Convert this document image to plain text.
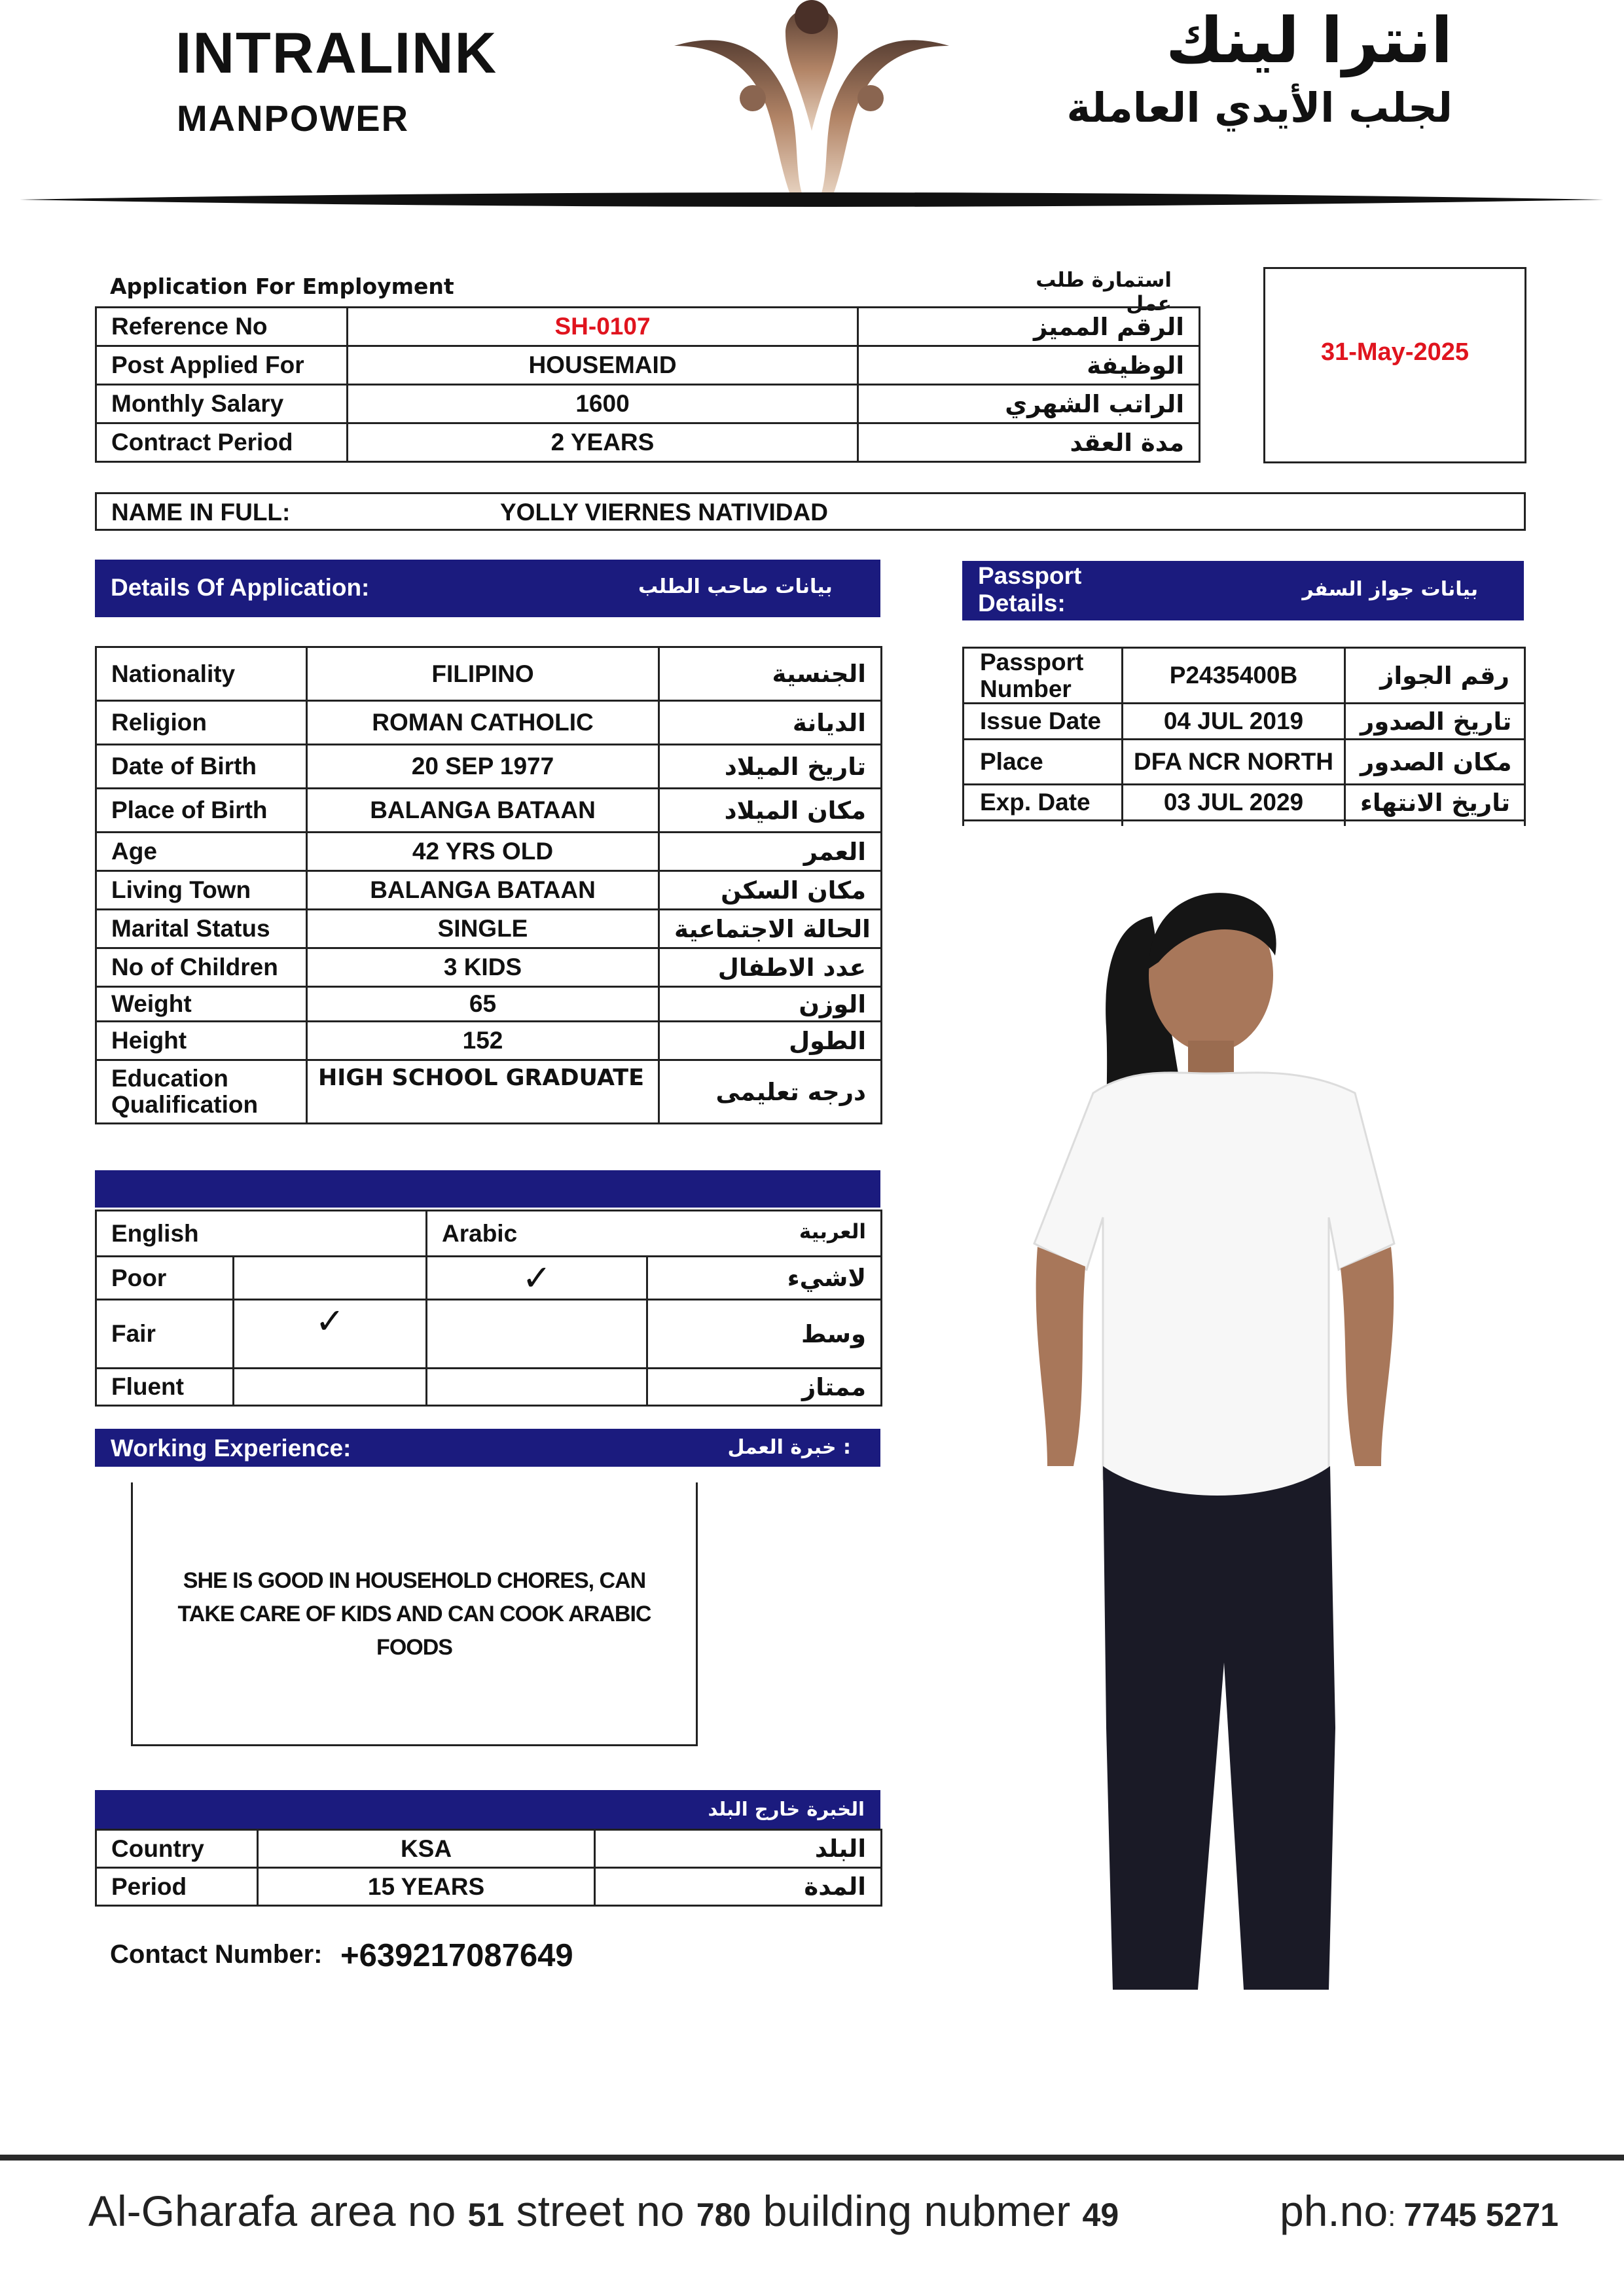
INTRALINK
MANPOWER
انترا لينك
لجلب الأيدي العاملة
Application For Employment	استمارة طلب عمل
Reference No	SH-0107	الرقم المميز
Post Applied For	HOUSEMAID	الوظيفة
Monthly Salary	1600	الراتب الشهري
Contract Period	2 YEARS	مدة العقد
31-May-2025
NAME IN FULL:	YOLLY VIERNES NATIVIDAD
Details Of Application:	بيانات صاحب الطلب
Nationality	FILIPINO	الجنسية
Religion	ROMAN CATHOLIC	الديانة
Date of Birth	20 SEP 1977	تاريخ الميلاد
Place of Birth	BALANGA BATAAN	مكان الميلاد
Age	42 YRS OLD	العمر
Living Town	BALANGA BATAAN	مكان السكن
Marital Status	SINGLE	الحالة الاجتماعية
No of Children	3 KIDS	عدد الاطفال
Weight	65	الوزن
Height	152	الطول

Education
Qualification	HIGH SCHOOL GRADUATE	درجه تعليمى
Passport
Details:
بيانات جواز السفر
Passport
Number	P2435400B	رقم الجواز
Issue Date	04 JUL 2019	تاريخ الصدور
Place	DFA NCR NORTH	مكان الصدور
Exp. Date	03 JUL 2029	تاريخ الانتهاء

English		Arabic العربية	

Poor		✓	لاشيء
Fair	✓		وسط
Fluent			ممتاز
Working Experience:	: خبرة العمل
SHE IS GOOD IN HOUSEHOLD CHORES, CAN TAKE CARE OF KIDS AND CAN COOK ARABIC FOODS
الخبرة خارج البلد
Country	KSA	البلد
Period	15 YEARS	المدة
Contact Number: +639217087649
Al-Gharafa area no 51 street no 780 building nubmer 49	ph.no: 7745 5271
